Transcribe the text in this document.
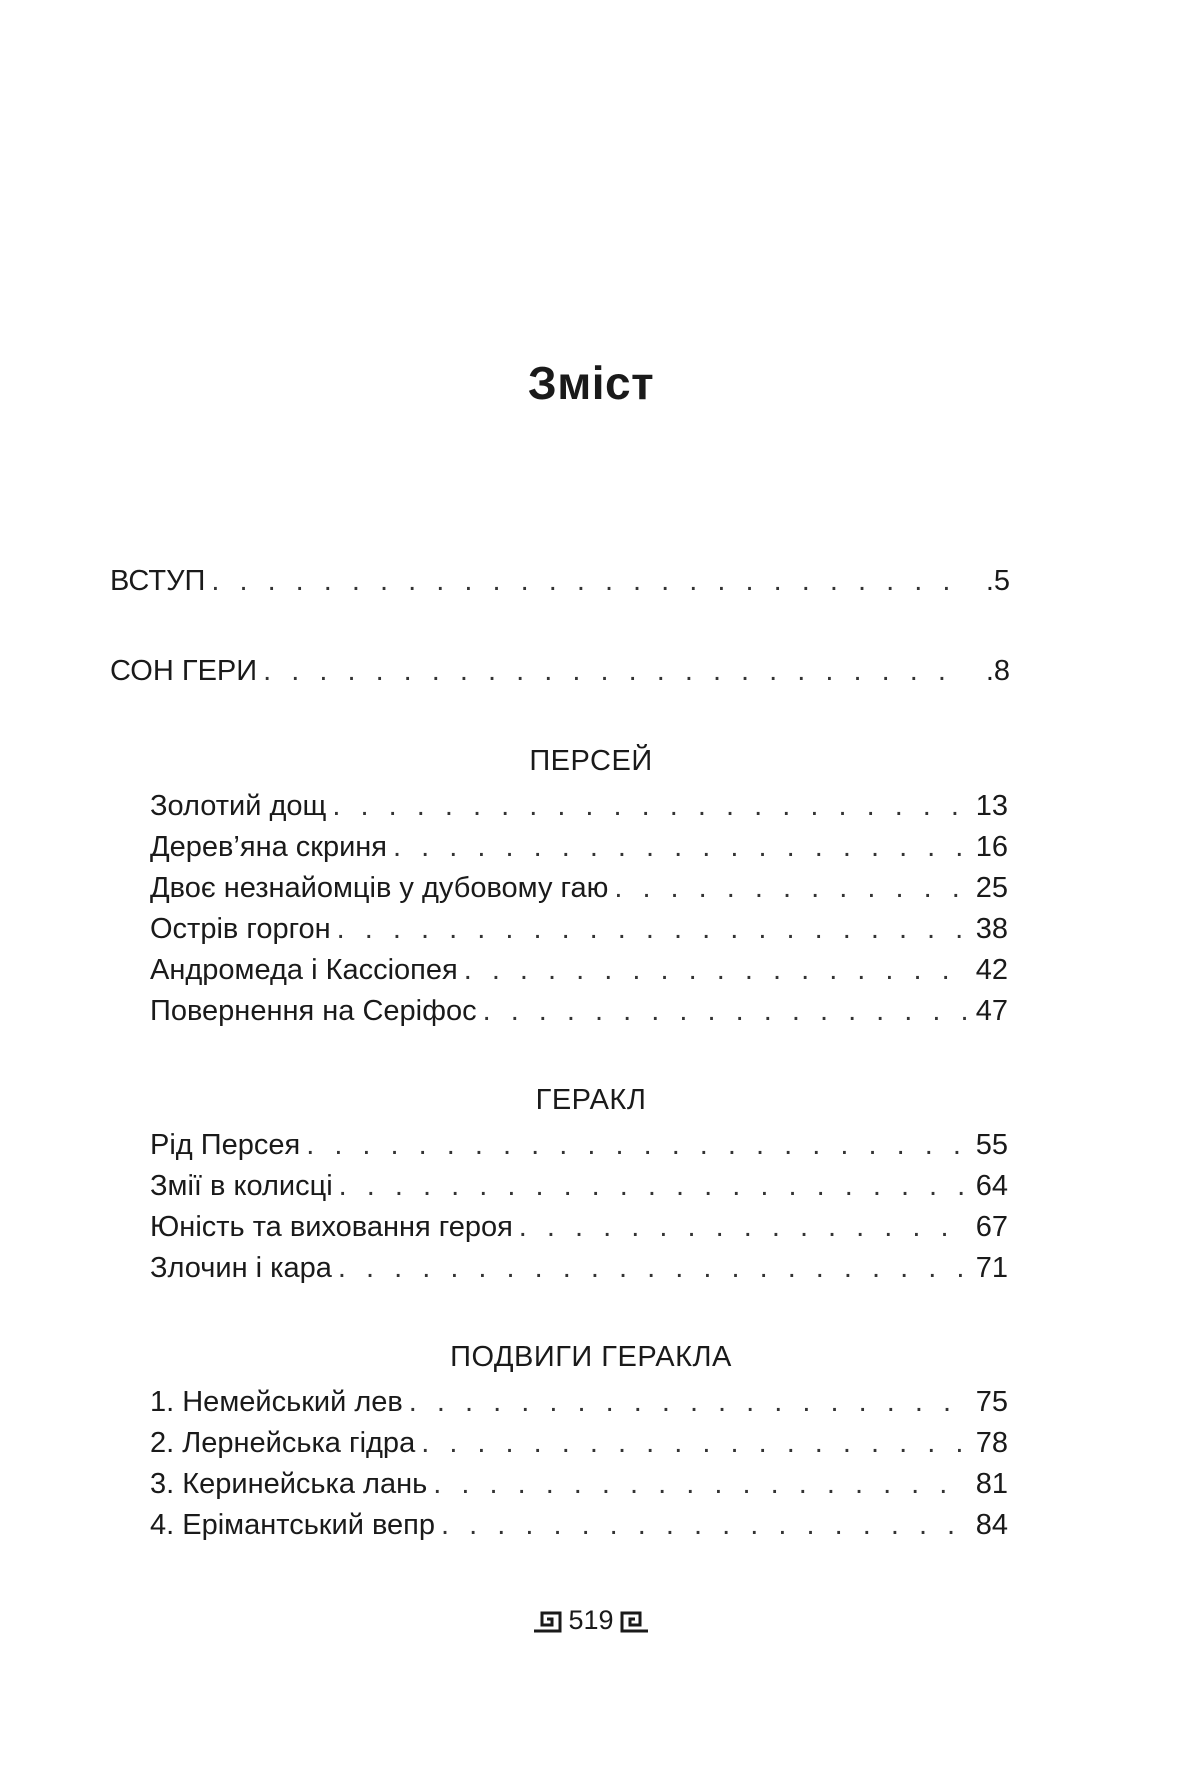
Зміст
ВСТУП . . .	.5
СОН ГЕРИ . . .	.8
ПЕРСЕЙ
Золотий дощ . . .	13
Дерев’яна скриня . . .	16
Двоє незнайомців у дубовому гаю . . .	25
Острів горгон . . .	38
Андромеда і Кассіопея . . .	42
Повернення на Серіфос . . .	47
ГЕРАКЛ
Рід Персея . . .	55
Змії в колисці . . .	64
Юність та виховання героя . . .	67
Злочин і кара . . .	71
ПОДВИГИ ГЕРАКЛА
1. Немейський лев . . .	75
2. Лернейська гідра . . .	78
3. Керинейська лань . . .	81
4. Ерімантський вепр . . .	84
519
